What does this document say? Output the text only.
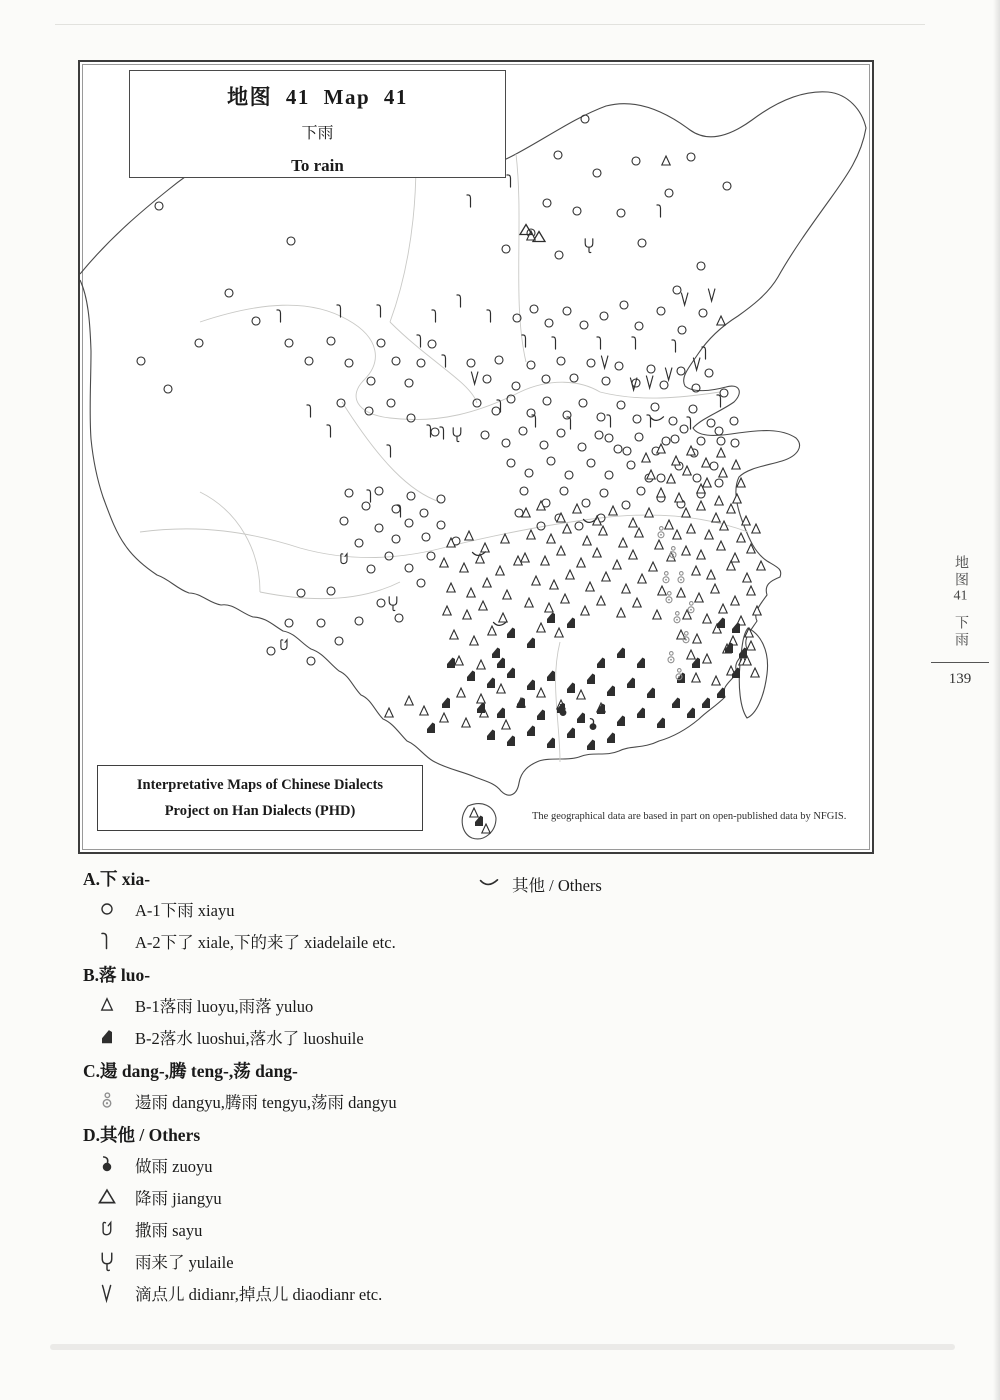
地图 41 Map 41
下雨
To rain
Interpretative Maps of Chinese Dialects
Project on Han Dialects (PHD)	The geographical data are based in part on open-published data by NFGIS.
地图41下雨
139
其他 / Others
A.下 xia-
A-1下雨 xiayu
A-2下了 xiale,下的来了 xiadelaile etc.
B.落 luo-
B-1落雨 luoyu,雨落 yuluo
B-2落水 luoshui,落水了 luoshuile
C.逿 dang-,腾 teng-,荡 dang-
逿雨 dangyu,腾雨 tengyu,荡雨 dangyu
D.其他 / Others
做雨 zuoyu
降雨 jiangyu
撒雨 sayu
雨来了 yulaile
滴点儿 didianr,掉点儿 diaodianr etc.
